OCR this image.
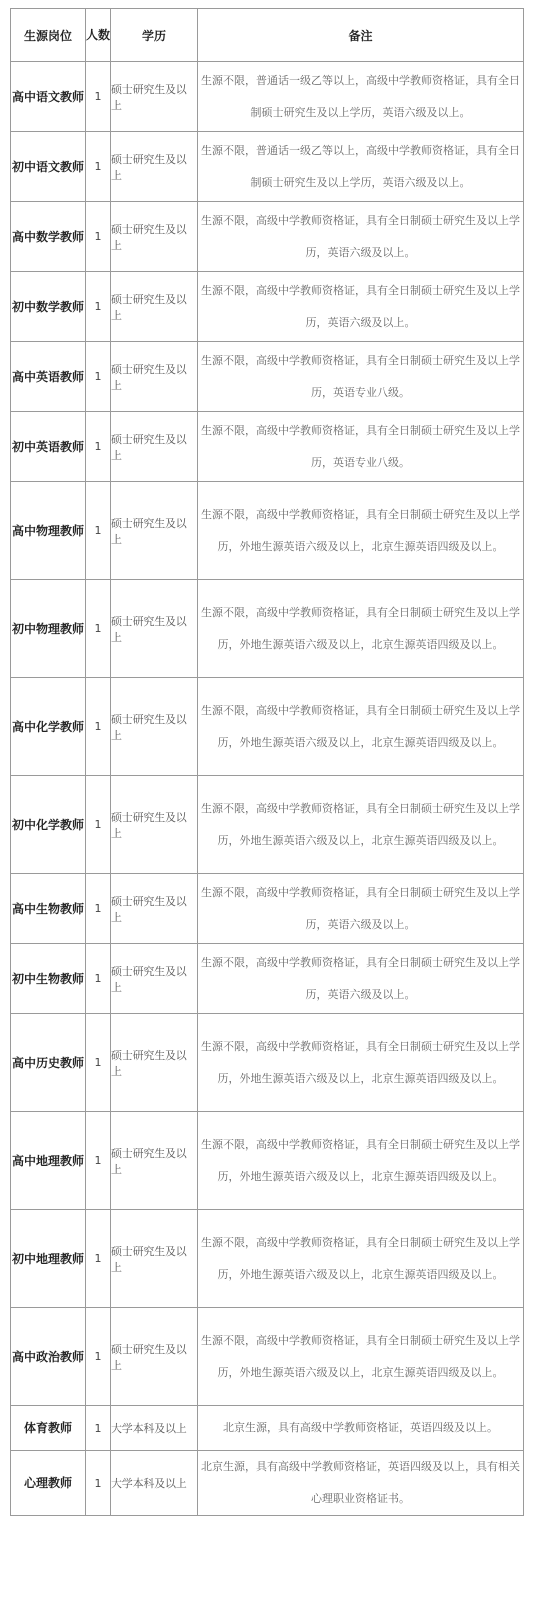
生源岗位	人数	学历	备注
高中语文教师	1	硕士研究生及以上	生源不限，普通话一级乙等以上，高级中学教师资格证，具有全日制硕士研究生及以上学历，英语六级及以上。
初中语文教师	1	硕士研究生及以上	生源不限，普通话一级乙等以上，高级中学教师资格证，具有全日制硕士研究生及以上学历，英语六级及以上。
高中数学教师	1	硕士研究生及以上	生源不限，高级中学教师资格证，具有全日制硕士研究生及以上学历，英语六级及以上。
初中数学教师	1	硕士研究生及以上	生源不限，高级中学教师资格证，具有全日制硕士研究生及以上学历，英语六级及以上。
高中英语教师	1	硕士研究生及以上	生源不限，高级中学教师资格证，具有全日制硕士研究生及以上学历，英语专业八级。
初中英语教师	1	硕士研究生及以上	生源不限，高级中学教师资格证，具有全日制硕士研究生及以上学历，英语专业八级。
高中物理教师	1	硕士研究生及以上	生源不限，高级中学教师资格证，具有全日制硕士研究生及以上学历，外地生源英语六级及以上，北京生源英语四级及以上。
初中物理教师	1	硕士研究生及以上	生源不限，高级中学教师资格证，具有全日制硕士研究生及以上学历，外地生源英语六级及以上，北京生源英语四级及以上。
高中化学教师	1	硕士研究生及以上	生源不限，高级中学教师资格证，具有全日制硕士研究生及以上学历，外地生源英语六级及以上，北京生源英语四级及以上。
初中化学教师	1	硕士研究生及以上	生源不限，高级中学教师资格证，具有全日制硕士研究生及以上学历，外地生源英语六级及以上，北京生源英语四级及以上。
高中生物教师	1	硕士研究生及以上	生源不限，高级中学教师资格证，具有全日制硕士研究生及以上学历，英语六级及以上。
初中生物教师	1	硕士研究生及以上	生源不限，高级中学教师资格证，具有全日制硕士研究生及以上学历，英语六级及以上。
高中历史教师	1	硕士研究生及以上	生源不限，高级中学教师资格证，具有全日制硕士研究生及以上学历，外地生源英语六级及以上，北京生源英语四级及以上。
高中地理教师	1	硕士研究生及以上	生源不限，高级中学教师资格证，具有全日制硕士研究生及以上学历，外地生源英语六级及以上，北京生源英语四级及以上。
初中地理教师	1	硕士研究生及以上	生源不限，高级中学教师资格证，具有全日制硕士研究生及以上学历，外地生源英语六级及以上，北京生源英语四级及以上。
高中政治教师	1	硕士研究生及以上	生源不限，高级中学教师资格证，具有全日制硕士研究生及以上学历，外地生源英语六级及以上，北京生源英语四级及以上。
体育教师	1	大学本科及以上	北京生源，具有高级中学教师资格证，英语四级及以上。
心理教师	1	大学本科及以上	北京生源，具有高级中学教师资格证，英语四级及以上，具有相关心理职业资格证书。
